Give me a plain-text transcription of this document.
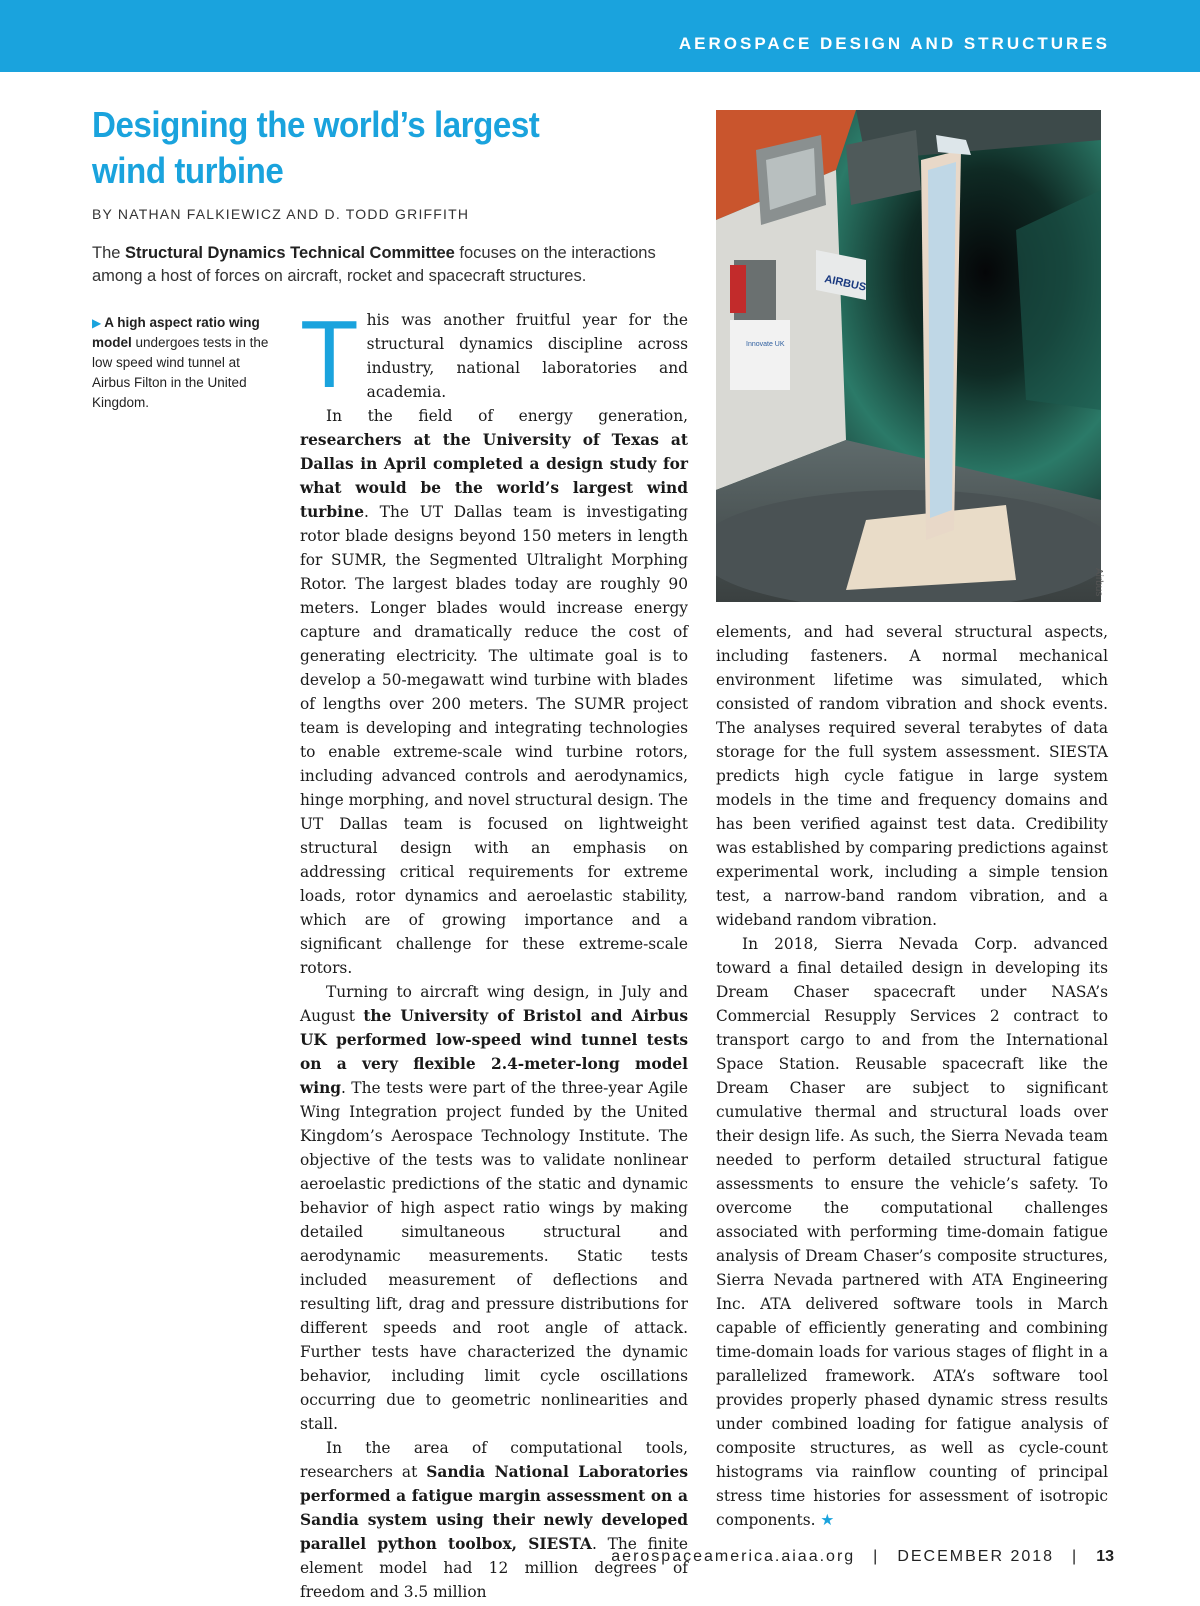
AEROSPACE DESIGN AND STRUCTURES
Designing the world’s largest wind turbine
BY NATHAN FALKIEWICZ AND D. TODD GRIFFITH

The Structural Dynamics Technical Committee focuses on the interactions among a host of forces on aircraft, rocket and spacecraft structures.

▶ A high aspect ratio wing model undergoes tests in the low speed wind tunnel at Airbus Filton in the United Kingdom.	This was another fruitful year for the structural dynamics discipline across industry, national laboratories and academia.

In the field of energy generation, researchers at the University of Texas at Dallas in April completed a design study for what would be the world’s largest wind turbine. The UT Dallas team is investigating rotor blade designs beyond 150 meters in length for SUMR, the Segmented Ultralight Morphing Rotor. The largest blades today are roughly 90 meters. Longer blades would increase energy capture and dramatically reduce the cost of generating electricity. The ultimate goal is to develop a 50-megawatt wind turbine with blades of lengths over 200 meters. The SUMR project team is developing and integrating technologies to enable extreme-scale wind turbine rotors, including advanced controls and aerodynamics, hinge morphing, and novel structural design. The UT Dallas team is focused on lightweight structural design with an emphasis on addressing critical requirements for extreme loads, rotor dynamics and aeroelastic stability, which are of growing importance and a significant challenge for these extreme-scale rotors.

Turning to aircraft wing design, in July and August the University of Bristol and Airbus UK performed low-speed wind tunnel tests on a very flexible 2.4-meter-long model wing. The tests were part of the three-year Agile Wing Integration project funded by the United Kingdom’s Aerospace Technology Institute. The objective of the tests was to validate nonlinear aeroelastic predictions of the static and dynamic behavior of high aspect ratio wings by making detailed simultaneous structural and aerodynamic measurements. Static tests included measurement of deflections and resulting lift, drag and pressure distributions for different speeds and root angle of attack. Further tests have characterized the dynamic behavior, including limit cycle oscillations occurring due to geometric nonlinearities and stall.

In the area of computational tools, researchers at Sandia National Laboratories performed a fatigue margin assessment on a Sandia system using their newly developed parallel python toolbox, SIESTA. The finite element model had 12 million degrees of freedom and 3.5 million

Innovate UK
AIRBUS
Airbus

elements, and had several structural aspects, including fasteners. A normal mechanical environment lifetime was simulated, which consisted of random vibration and shock events. The analyses required several terabytes of data storage for the full system assessment. SIESTA predicts high cycle fatigue in large system models in the time and frequency domains and has been verified against test data. Credibility was established by comparing predictions against experimental work, including a simple tension test, a narrow-band random vibration, and a wideband random vibration.

In 2018, Sierra Nevada Corp. advanced toward a final detailed design in developing its Dream Chaser spacecraft under NASA’s Commercial Resupply Services 2 contract to transport cargo to and from the International Space Station. Reusable spacecraft like the Dream Chaser are subject to significant cumulative thermal and structural loads over their design life. As such, the Sierra Nevada team needed to perform detailed structural fatigue assessments to ensure the vehicle’s safety. To overcome the computational challenges associated with performing time-domain fatigue analysis of Dream Chaser’s composite structures, Sierra Nevada partnered with ATA Engineering Inc. ATA delivered software tools in March capable of efficiently generating and combining time-domain loads for various stages of flight in a parallelized framework. ATA’s software tool provides properly phased dynamic stress results under combined loading for fatigue analysis of composite structures, as well as cycle-count histograms via rainflow counting of principal stress time histories for assessment of isotropic components. ★

aerospaceamerica.aiaa.org | DECEMBER 2018 | 13
